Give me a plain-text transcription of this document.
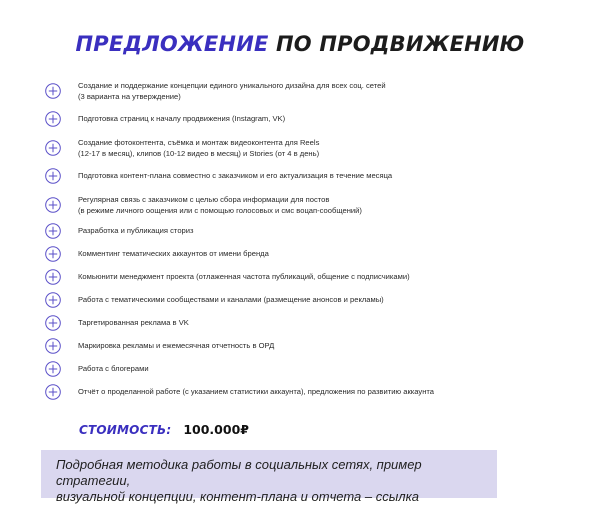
ПРЕДЛОЖЕНИЕ ПО ПРОДВИЖЕНИЮ
Создание и поддержание концепции единого уникального дизайна для всех соц. сетей
(3 варианта на утверждение)
Подготовка страниц к началу продвижения (Instagram, VK)
Создание фотоконтента, съёмка и монтаж видеоконтента для Reels
(12-17 в месяц), клипов (10-12 видео в месяц) и Stories (от 4 в день)
Подготовка контент-плана совместно с заказчиком и его актуализация в течение месяца
Регулярная связь с заказчиком с целью сбора информации для постов
(в режиме личного оощения или с помощью голосовых и смс воцап-сообщений)
Разработка и публикация сториз
Комментинг тематических аккаунтов от имени бренда
Комьюнити менеджмент проекта (отлаженная частота публикаций, общение с подписчиками)
Работа с тематическими сообществами и каналами (размещение анонсов и рекламы)
Таргетированная реклама в VK
Маркировка рекламы и ежемесячная отчетность в ОРД
Работа с блогерами
Отчёт о проделанной работе (с указанием статистики аккаунта), предложения по развитию аккаунта
СТОИМОСТЬ: 100.000₽
Подробная методика работы в социальных сетях, пример стратегии,
визуальной концепции, контент-плана и отчета – ссылка
